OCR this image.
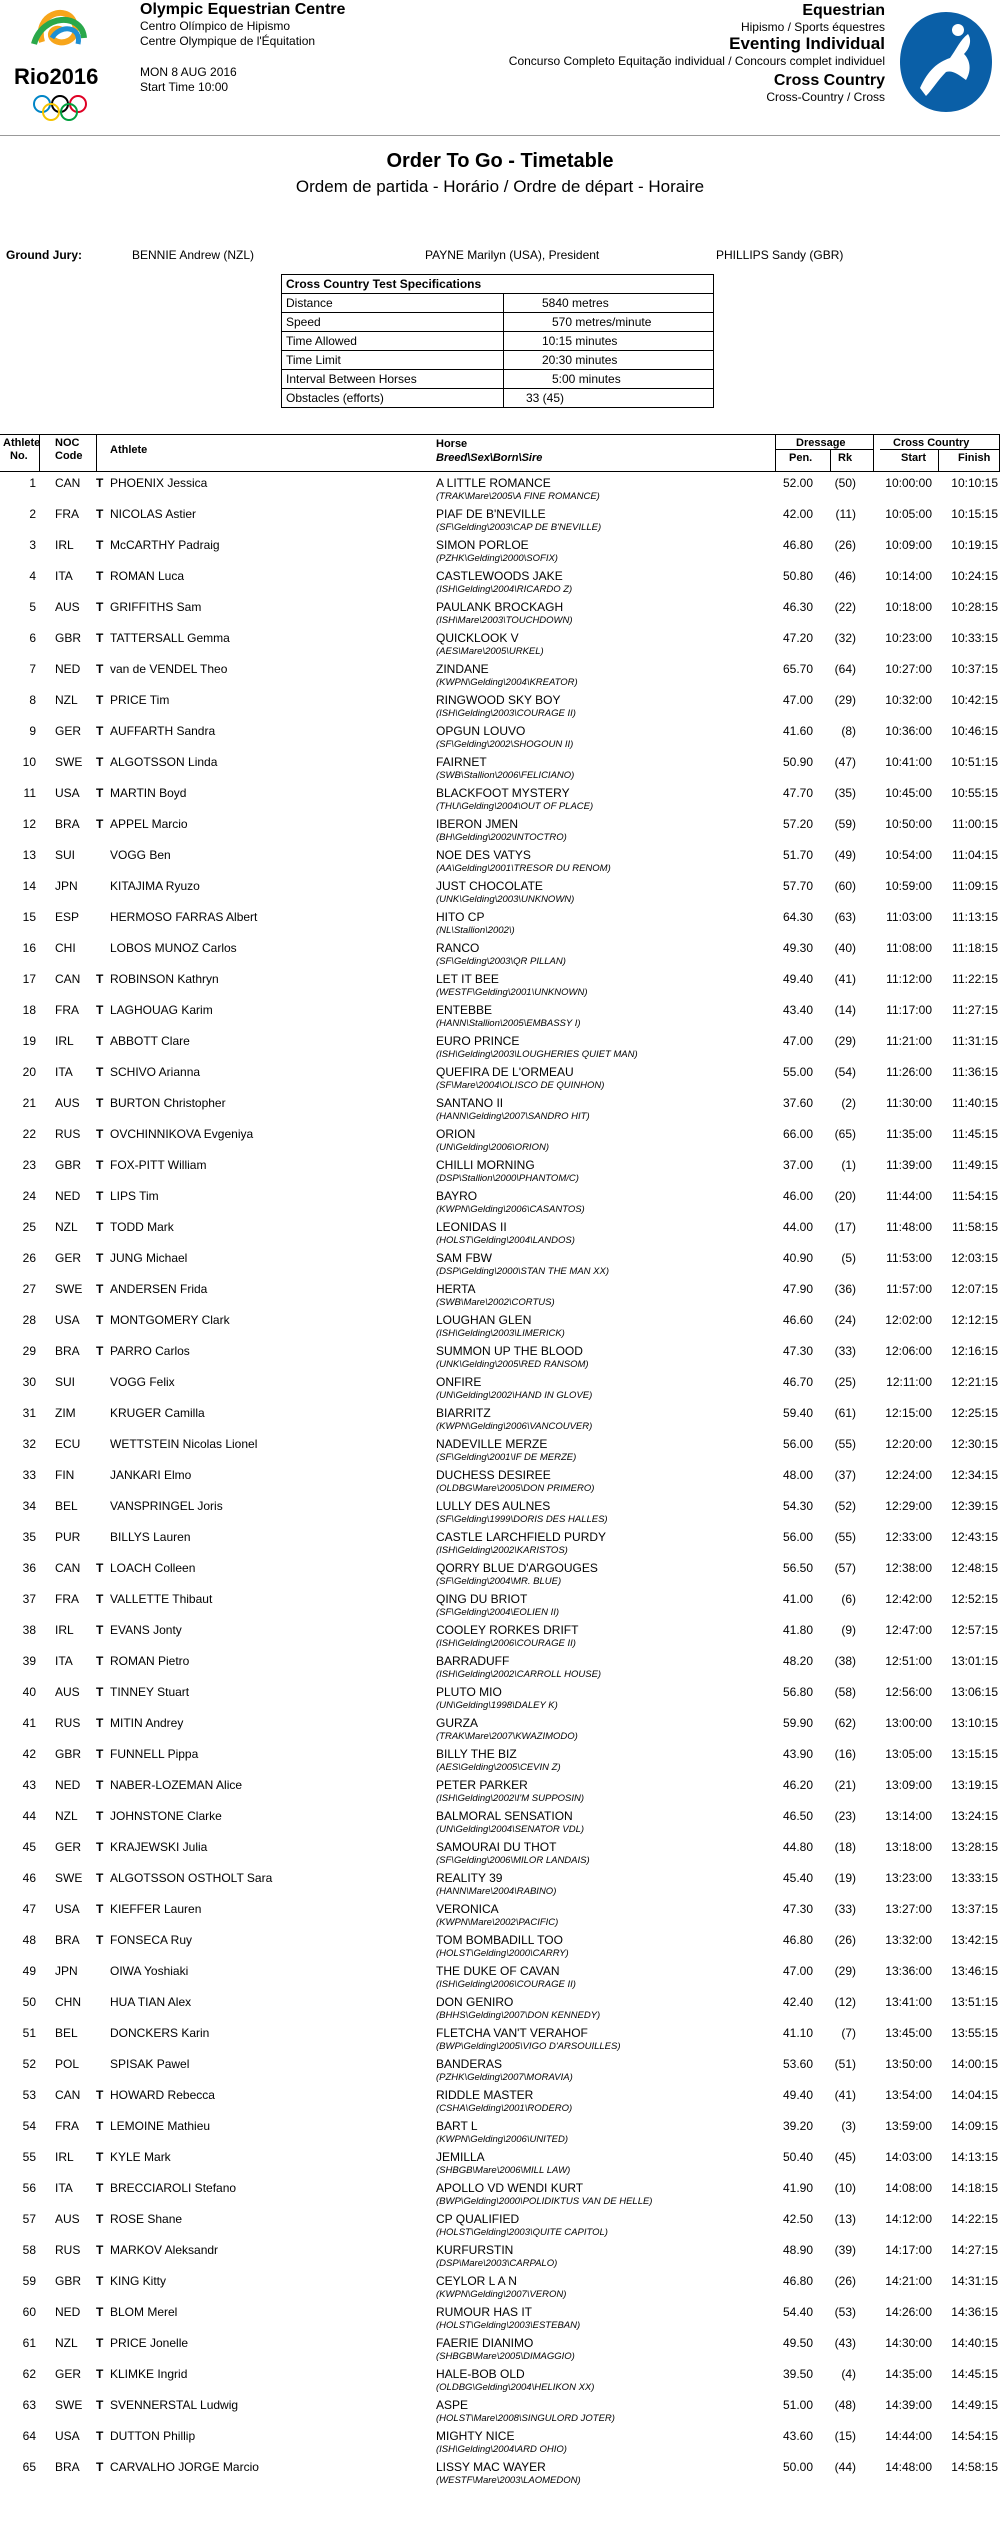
Rio2016
Olympic Equestrian Centre
Centro Olímpico de Hipismo
Centre Olympique de l'Équitation
MON 8 AUG 2016
Start Time 10:00
Equestrian
Hipismo / Sports équestres
Eventing Individual
Concurso Completo Equitação individual / Concours complet individuel
Cross Country
Cross-Country / Cross
Order To Go - Timetable
Ordem de partida - Horário / Ordre de départ - Horaire
Ground Jury:	BENNIE Andrew (NZL)	PAYNE Marilyn (USA), President	PHILLIPS Sandy (GBR)
Cross Country Test Specifications	
Distance	5840 metres
Speed	570 metres/minute
Time Allowed	10:15 minutes
Time Limit	20:30 minutes
Interval Between Horses	5:00 minutes
Obstacles (efforts)	33 (45)
Athlete
No.
NOC
Code	Athlete	Horse
Breed\Sex\Born\Sire
Dressage
Pen. Rk
Cross Country
Start	Finish
1 CAN T PHOENIX Jessica	A LITTLE ROMANCE
(TRAK\Mare\2005\A FINE ROMANCE)
52.00	(50)	10:00:00	10:10:15
2 FRA T NICOLAS Astier	PIAF DE B'NEVILLE
(SF\Gelding\2003\CAP DE B'NEVILLE)
42.00	(11)	10:05:00	10:15:15
3 IRL T McCARTHY Padraig	SIMON PORLOE
(PZHK\Gelding\2000\SOFIX)
46.80	(26)	10:09:00	10:19:15
4 ITA T ROMAN Luca	CASTLEWOODS JAKE
(ISH\Gelding\2004\RICARDO Z)
50.80	(46)	10:14:00	10:24:15
5 AUS T GRIFFITHS Sam	PAULANK BROCKAGH
(ISH\Mare\2003\TOUCHDOWN)
46.30	(22)	10:18:00	10:28:15
6 GBR T TATTERSALL Gemma	QUICKLOOK V
(AES\Mare\2005\URKEL)
47.20	(32)	10:23:00	10:33:15
7 NED T van de VENDEL Theo	ZINDANE
(KWPN\Gelding\2004\KREATOR)
65.70	(64)	10:27:00	10:37:15
8 NZL T PRICE Tim	RINGWOOD SKY BOY
(ISH\Gelding\2003\COURAGE II)
47.00	(29)	10:32:00	10:42:15
9 GER T AUFFARTH Sandra	OPGUN LOUVO
(SF\Gelding\2002\SHOGOUN II)
41.60	(8)	10:36:00	10:46:15
10 SWE T ALGOTSSON Linda	FAIRNET
(SWB\Stallion\2006\FELICIANO)
50.90	(47)	10:41:00	10:51:15
11 USA T MARTIN Boyd	BLACKFOOT MYSTERY
(THU\Gelding\2004\OUT OF PLACE)
47.70	(35)	10:45:00	10:55:15
12 BRA T APPEL Marcio	IBERON JMEN
(BH\Gelding\2002\INTOCTRO)
57.20	(59)	10:50:00	11:00:15
13 SUI	VOGG Ben	NOE DES VATYS
(AA\Gelding\2001\TRESOR DU RENOM)
51.70	(49)	10:54:00	11:04:15
14 JPN	KITAJIMA Ryuzo	JUST CHOCOLATE
(UNK\Gelding\2003\UNKNOWN)
57.70	(60)	10:59:00	11:09:15
15 ESP	HERMOSO FARRAS Albert	HITO CP
(NL\Stallion\2002\)
64.30	(63)	11:03:00	11:13:15
16 CHI	LOBOS MUNOZ Carlos	RANCO
(SF\Gelding\2003\QR PILLAN)
49.30	(40)	11:08:00	11:18:15
17 CAN T ROBINSON Kathryn	LET IT BEE
(WESTF\Gelding\2001\UNKNOWN)
49.40	(41)	11:12:00	11:22:15
18 FRA T LAGHOUAG Karim	ENTEBBE
(HANN\Stallion\2005\EMBASSY I)
43.40	(14)	11:17:00	11:27:15
19 IRL T ABBOTT Clare	EURO PRINCE
(ISH\Gelding\2003\LOUGHERIES QUIET MAN)
47.00	(29)	11:21:00	11:31:15
20 ITA T SCHIVO Arianna	QUEFIRA DE L'ORMEAU
(SF\Mare\2004\OLISCO DE QUINHON)
55.00	(54)	11:26:00	11:36:15
21 AUS T BURTON Christopher	SANTANO II
(HANN\Gelding\2007\SANDRO HIT)
37.60	(2)	11:30:00	11:40:15
22 RUS T OVCHINNIKOVA Evgeniya	ORION
(UN\Gelding\2006\ORION)
66.00	(65)	11:35:00	11:45:15
23 GBR T FOX-PITT William	CHILLI MORNING
(DSP\Stallion\2000\PHANTOM/C)
37.00	(1)	11:39:00	11:49:15
24 NED T LIPS Tim	BAYRO
(KWPN\Gelding\2006\CASANTOS)
46.00	(20)	11:44:00	11:54:15
25 NZL T TODD Mark	LEONIDAS II
(HOLST\Gelding\2004\LANDOS)
44.00	(17)	11:48:00	11:58:15
26 GER T JUNG Michael	SAM FBW
(DSP\Gelding\2000\STAN THE MAN XX)
40.90	(5)	11:53:00	12:03:15
27 SWE T ANDERSEN Frida	HERTA
(SWB\Mare\2002\CORTUS)
47.90	(36)	11:57:00	12:07:15
28 USA T MONTGOMERY Clark	LOUGHAN GLEN
(ISH\Gelding\2003\LIMERICK)
46.60	(24)	12:02:00	12:12:15
29 BRA T PARRO Carlos	SUMMON UP THE BLOOD
(UNK\Gelding\2005\RED RANSOM)
47.30	(33)	12:06:00	12:16:15
30 SUI	VOGG Felix	ONFIRE
(UN\Gelding\2002\HAND IN GLOVE)
46.70	(25)	12:11:00	12:21:15
31 ZIM	KRUGER Camilla	BIARRITZ
(KWPN\Gelding\2006\VANCOUVER)
59.40	(61)	12:15:00	12:25:15
32 ECU WETTSTEIN Nicolas Lionel	NADEVILLE MERZE
(SF\Gelding\2001\IF DE MERZE)
56.00	(55)	12:20:00	12:30:15
33 FIN	JANKARI Elmo	DUCHESS DESIREE
(OLDBG\Mare\2005\DON PRIMERO)
48.00	(37)	12:24:00	12:34:15
34 BEL	VANSPRINGEL Joris	LULLY DES AULNES
(SF\Gelding\1999\DORIS DES HALLES)
54.30	(52)	12:29:00	12:39:15
35 PUR BILLYS Lauren	CASTLE LARCHFIELD PURDY
(ISH\Gelding\2002\KARISTOS)
56.00	(55)	12:33:00	12:43:15
36 CAN T LOACH Colleen	QORRY BLUE D'ARGOUGES
(SF\Gelding\2004\MR. BLUE)
56.50	(57)	12:38:00	12:48:15
37 FRA T VALLETTE Thibaut	QING DU BRIOT
(SF\Gelding\2004\EOLIEN II)
41.00	(6)	12:42:00	12:52:15
38 IRL T EVANS Jonty	COOLEY RORKES DRIFT
(ISH\Gelding\2006\COURAGE II)
41.80	(9)	12:47:00	12:57:15
39 ITA T ROMAN Pietro	BARRADUFF
(ISH\Gelding\2002\CARROLL HOUSE)
48.20	(38)	12:51:00	13:01:15
40 AUS T TINNEY Stuart	PLUTO MIO
(UN\Gelding\1998\DALEY K)
56.80	(58)	12:56:00	13:06:15
41 RUS T MITIN Andrey	GURZA
(TRAK\Mare\2007\KWAZIMODO)
59.90	(62)	13:00:00	13:10:15
42 GBR T FUNNELL Pippa	BILLY THE BIZ
(AES\Gelding\2005\CEVIN Z)
43.90	(16)	13:05:00	13:15:15
43 NED T NABER-LOZEMAN Alice	PETER PARKER
(ISH\Gelding\2002\I'M SUPPOSIN)
46.20	(21)	13:09:00	13:19:15
44 NZL T JOHNSTONE Clarke	BALMORAL SENSATION
(UN\Gelding\2004\SENATOR VDL)
46.50	(23)	13:14:00	13:24:15
45 GER T KRAJEWSKI Julia	SAMOURAI DU THOT
(SF\Gelding\2006\MILOR LANDAIS)
44.80	(18)	13:18:00	13:28:15
46 SWE T ALGOTSSON OSTHOLT Sara	REALITY 39
(HANN\Mare\2004\RABINO)
45.40	(19)	13:23:00	13:33:15
47 USA T KIEFFER Lauren	VERONICA
(KWPN\Mare\2002\PACIFIC)
47.30	(33)	13:27:00	13:37:15
48 BRA T FONSECA Ruy	TOM BOMBADILL TOO
(HOLST\Gelding\2000\CARRY)
46.80	(26)	13:32:00	13:42:15
49 JPN	OIWA Yoshiaki	THE DUKE OF CAVAN
(ISH\Gelding\2006\COURAGE II)
47.00	(29)	13:36:00	13:46:15
50 CHN HUA TIAN Alex	DON GENIRO
(BHHS\Gelding\2007\DON KENNEDY)
42.40	(12)	13:41:00	13:51:15
51 BEL	DONCKERS Karin	FLETCHA VAN'T VERAHOF
(BWP\Gelding\2005\VIGO D'ARSOUILLES)
41.10	(7)	13:45:00	13:55:15
52 POL	SPISAK Pawel	BANDERAS
(PZHK\Gelding\2007\MORAVIA)
53.60	(51)	13:50:00	14:00:15
53 CAN T HOWARD Rebecca	RIDDLE MASTER
(CSHA\Gelding\2001\RODERO)
49.40	(41)	13:54:00	14:04:15
54 FRA T LEMOINE Mathieu	BART L
(KWPN\Gelding\2006\UNITED)
39.20	(3)	13:59:00	14:09:15
55 IRL T KYLE Mark	JEMILLA
(SHBGB\Mare\2006\MILL LAW)
50.40	(45)	14:03:00	14:13:15
56 ITA T BRECCIAROLI Stefano	APOLLO VD WENDI KURT
(BWP\Gelding\2000\POLIDIKTUS VAN DE HELLE)
41.90	(10)	14:08:00	14:18:15
57 AUS T ROSE Shane	CP QUALIFIED
(HOLST\Gelding\2003\QUITE CAPITOL)
42.50	(13)	14:12:00	14:22:15
58 RUS T MARKOV Aleksandr	KURFURSTIN
(DSP\Mare\2003\CARPALO)
48.90	(39)	14:17:00	14:27:15
59 GBR T KING Kitty	CEYLOR L A N
(KWPN\Gelding\2007\VERON)
46.80	(26)	14:21:00	14:31:15
60 NED T BLOM Merel	RUMOUR HAS IT
(HOLST\Gelding\2003\ESTEBAN)
54.40	(53)	14:26:00	14:36:15
61 NZL T PRICE Jonelle	FAERIE DIANIMO
(SHBGB\Mare\2005\DIMAGGIO)
49.50	(43)	14:30:00	14:40:15
62 GER T KLIMKE Ingrid	HALE-BOB OLD
(OLDBG\Gelding\2004\HELIKON XX)
39.50	(4)	14:35:00	14:45:15
63 SWE T SVENNERSTAL Ludwig	ASPE
(HOLST\Mare\2008\SINGULORD JOTER)
51.00	(48)	14:39:00	14:49:15
64 USA T DUTTON Phillip	MIGHTY NICE
(ISH\Gelding\2004\ARD OHIO)
43.60	(15)	14:44:00	14:54:15
65 BRA T CARVALHO JORGE Marcio	LISSY MAC WAYER
(WESTF\Mare\2003\LAOMEDON)
50.00	(44)	14:48:00	14:58:15
